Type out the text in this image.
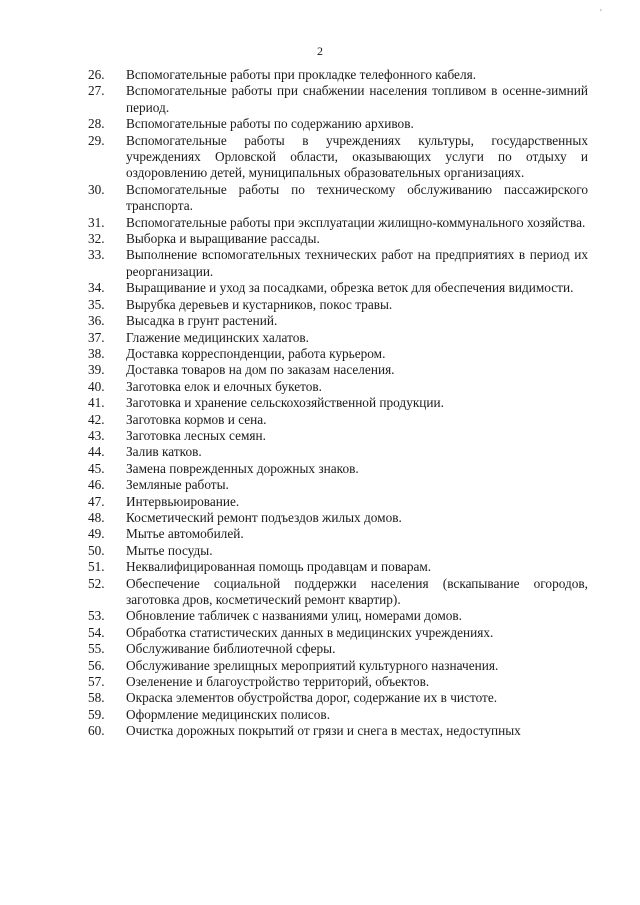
2
26.	Вспомогательные работы при прокладке телефонного кабеля.
27.	Вспомогательные работы при снабжении населения топливом в осенне-зимний период.
28.	Вспомогательные работы по содержанию архивов.
29.	Вспомогательные работы в учреждениях культуры, государственных учреждениях Орловской области, оказывающих услуги по отдыху и оздоровлению детей, муниципальных образовательных организациях.
30.	Вспомогательные работы по техническому обслуживанию пассажирского транспорта.
31.	Вспомогательные работы при эксплуатации жилищно-коммунального хозяйства.
32.	Выборка и выращивание рассады.
33.	Выполнение вспомогательных технических работ на предприятиях в период их реорганизации.
34.	Выращивание и уход за посадками, обрезка веток для обеспечения видимости.
35.	Вырубка деревьев и кустарников, покос травы.
36.	Высадка в грунт растений.
37.	Глажение медицинских халатов.
38.	Доставка корреспонденции, работа курьером.
39.	Доставка товаров на дом по заказам населения.
40.	Заготовка елок и елочных букетов.
41.	Заготовка и хранение сельскохозяйственной продукции.
42.	Заготовка кормов и сена.
43.	Заготовка лесных семян.
44.	Залив катков.
45.	Замена поврежденных дорожных знаков.
46.	Земляные работы.
47.	Интервьюирование.
48.	Косметический ремонт подъездов жилых домов.
49.	Мытье автомобилей.
50.	Мытье посуды.
51.	Неквалифицированная помощь продавцам и поварам.
52.	Обеспечение социальной поддержки населения (вскапывание огородов, заготовка дров, косметический ремонт квартир).
53.	Обновление табличек с названиями улиц, номерами домов.
54.	Обработка статистических данных в медицинских учреждениях.
55.	Обслуживание библиотечной сферы.
56.	Обслуживание зрелищных мероприятий культурного назначения.
57.	Озеленение и благоустройство территорий, объектов.
58.	Окраска элементов обустройства дорог, содержание их в чистоте.
59.	Оформление медицинских полисов.
60.	Очистка дорожных покрытий от грязи и снега в местах, недоступных
'
